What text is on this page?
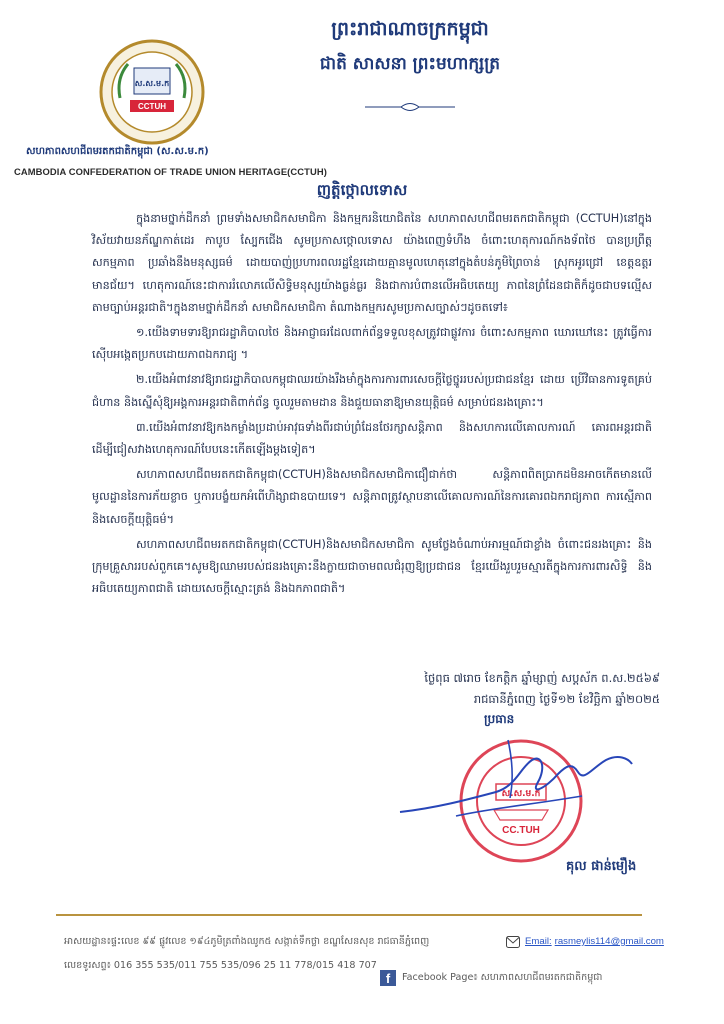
ស.ស.ម.ក
CCTUH
ព្រះរាជាណាចក្រកម្ពុជា
ជាតិ សាសនា ព្រះមហាក្សត្រ
សហភាពសហជីពមរតកជាតិកម្ពុជា (ស.ស.ម.ក)
CAMBODIA CONFEDERATION OF TRADE UNION HERITAGE(CCTUH)
ញត្តិថ្កោលទោស

ក្នុងនាមថ្នាក់ដឹកនាំ ព្រមទាំងសមាជិកសមាជិកា និងកម្មករនិយោជិតនៃ សហភាពសហជីពមរតកជាតិកម្ពុជា (CCTUH)នៅក្នុង វិស័យវាយនភ័ណ្ឌកាត់ដេរ កាបូប ស្បែកជើង សូមប្រកាសថ្កោលទោស យ៉ាងពេញទំហឹង ចំពោះហេតុការណ៍កងទ័ពថៃ បានប្រព្រឹត្តសកម្មភាព ប្រឆាំងនឹងមនុស្សធម៌ ដោយបាញ់ប្រហារពលរដ្ឋខ្មែរដោយគ្មានមូលហេតុនៅក្នុងតំបន់ភូមិព្រៃចាន់ ស្រុកអូរជ្រៅ ខេត្តឧត្តរមានជ័យ។ ហេតុការណ៍នេះជាការរំលោភលើសិទ្ធិមនុស្សយ៉ាងធ្ងន់ធ្ងរ និងជាការបំពានលើអធិបតេយ្យ ភាពនៃព្រំដែនជាតិក៏ដូចជាបទល្មើសតាមច្បាប់អន្តរជាតិ។ក្នុងនាមថ្នាក់ដឹកនាំ សមាជិកសមាជិកា តំណាងកម្មករសូមប្រកាសច្បាស់ៗដូចតទៅ៖

១.យើងទាមទារឱ្យរាជរដ្ឋាភិបាលថៃ និងអាជ្ញាធរដែលពាក់ព័ន្ធទទួលខុសត្រូវជាផ្លូវការ ចំពោះសកម្មភាព ឃោរឃៅនេះ ត្រូវធ្វើការស៊ើបអង្កេតប្រកបដោយភាពឯករាជ្យ ។

២.យើងអំពាវនាវឱ្យរាជរដ្ឋាភិបាលកម្ពុជាឈរយ៉ាងរឹងមាំក្នុងការការពារសេចក្តីថ្លៃថ្នូររបស់ប្រជាជនខ្មែរ ដោយ ប្រើវិធានការទូតគ្រប់ជំហាន និងស្នើសុំឱ្យអង្គការអន្តរជាតិពាក់ព័ន្ធ ចូលរួមតាមដាន និងជួយធានាឱ្យមានយុត្តិធម៌ សម្រាប់ជនរងគ្រោះ។

៣.យើងអំពាវនាវឱ្យកងកម្លាំងប្រដាប់អាវុធទាំងពីរជាប់ព្រំដែនថែរក្សាសន្តិភាព និងសហការលើគោលការណ៍ គោរពអន្តរជាតិ ដើម្បីជៀសវាងហេតុការណ៍បែបនេះកើតឡើងម្តងទៀត។

សហភាពសហជីពមរតកជាតិកម្ពុជា(CCTUH)និងសមាជិកសមាជិកាជឿជាក់ថា សន្តិភាពពិតប្រាកដមិនអាចកើតមានលើមូលដ្ឋាននៃការភ័យខ្លាច ឬការបង្ខំយកអំពើហិង្សាជាឧបាយទេ។ សន្តិភាពត្រូវស្ថាបនាលើគោលការណ៍នៃការគោរពឯករាជ្យភាព ការស្មើភាព និងសេចក្តីយុត្តិធម៌។

សហភាពសហជីពមរតកជាតិកម្ពុជា(CCTUH)និងសមាជិកសមាជិកា សូមថ្លែងចំណាប់អារម្មណ៍ជាខ្លាំង ចំពោះជនរងគ្រោះ និងក្រុមគ្រួសាររបស់ពួកគេ។សូមឱ្យឈាមរបស់ជនរងគ្រោះនឹងក្លាយជាចាមពលជំរុញឱ្យប្រជាជន ខ្មែរយើងរួបរួមស្មារតីក្នុងការការពារសិទ្ធិ និងអធិបតេយ្យភាពជាតិ ដោយសេចក្តីស្មោះត្រង់ និងឯកភាពជាតិ។

ថ្ងៃពុធ ៧រោច ខែកត្តិក ឆ្នាំម្សាញ់ សប្តស័ក ព.ស.២៥៦៩
រាជធានីភ្នំពេញ ថ្ងៃទី១២ ខែវិច្ឆិកា ឆ្នាំ២០២៥
ប្រធាន
ស.ស.ម.ក
CC.TUH
គុល ផាន់មឿង
អាសយដ្ឋាន៖ផ្ទះលេខ ៩៩ ផ្លូវលេខ ១៩៤ភូមិត្រពាំងឈូក៥ សង្កាត់ទឹកថ្លា ខណ្ឌសែនសុខ រាជធានីភ្នំពេញ
លេខទូរសព្ទ៖ 016 355 535/011 755 535/096 25 11 778/015 418 707
Email: rasmeylis114@gmail.com
f	Facebook Page៖ សហភាពសហជីពមរតកជាតិកម្ពុជា
